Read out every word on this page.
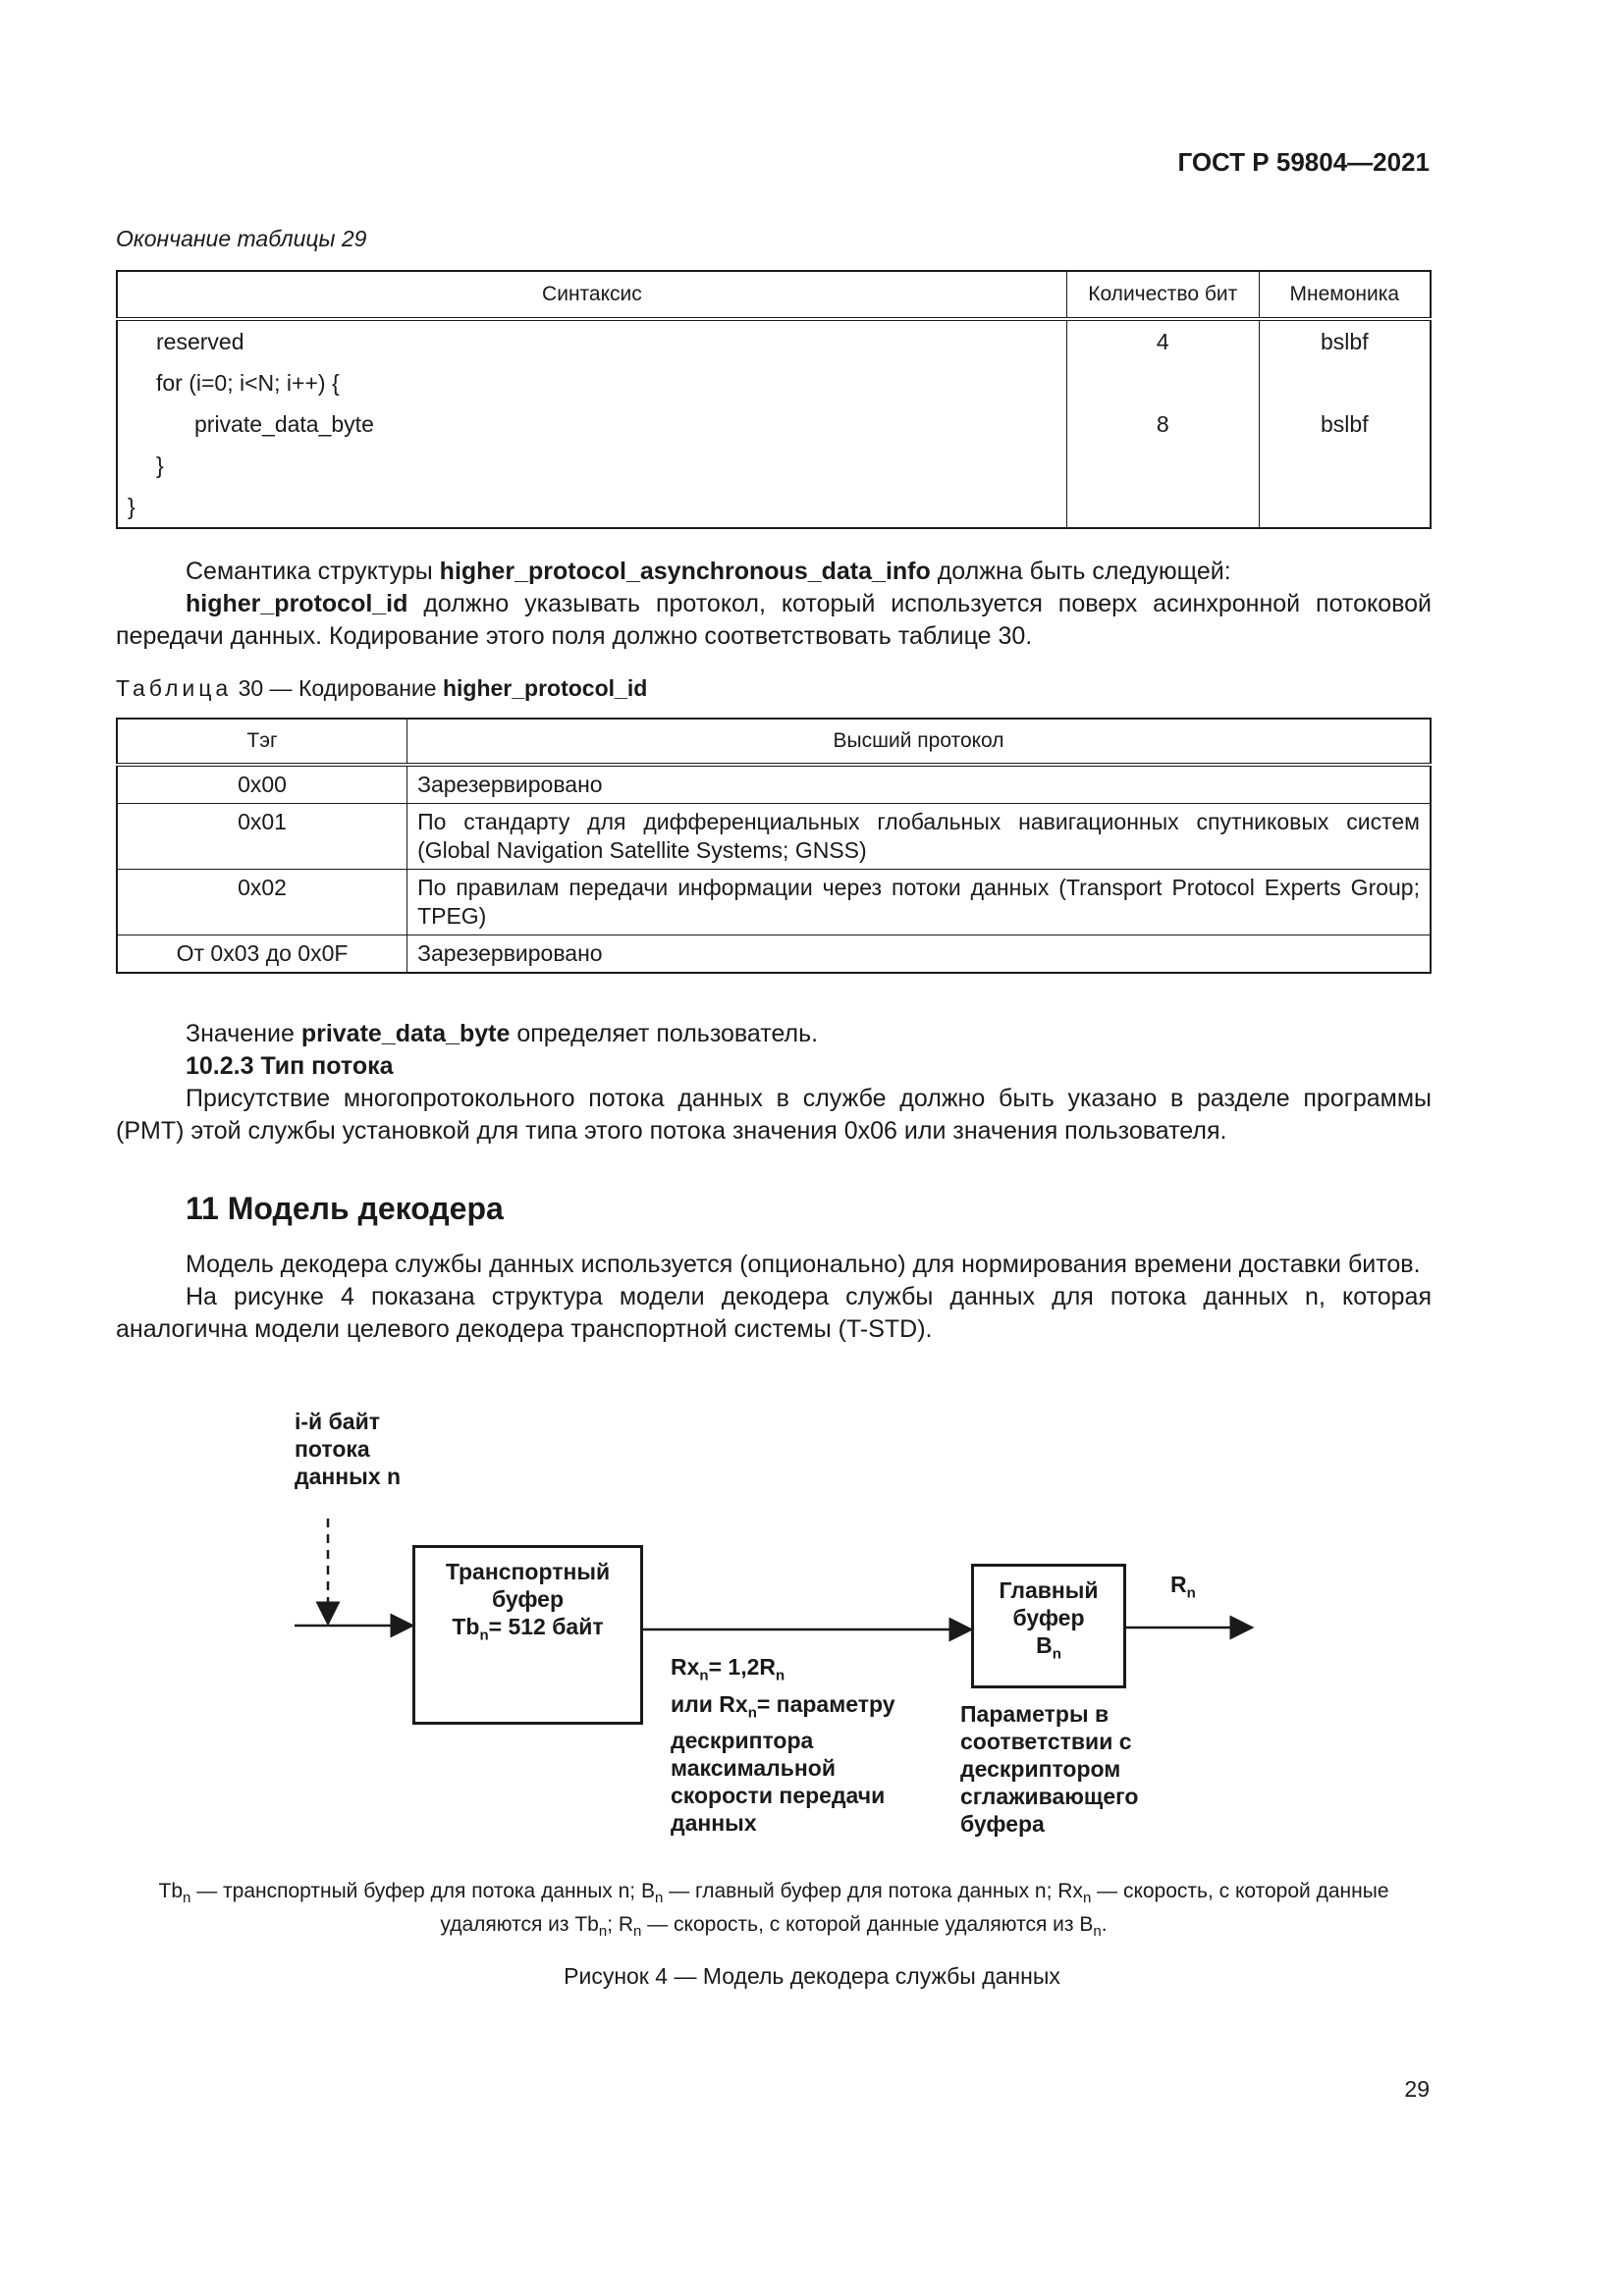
ГОСТ Р 59804—2021
Окончание таблицы 29
Синтаксис	Количество бит	Мнемоника
reserved	4	bslbf
for (i=0; i<N; i++) {		
private_data_byte	8	bslbf
}		
}		

Семантика структуры higher_protocol_asynchronous_data_info должна быть следующей:

higher_protocol_id должно указывать протокол, который используется поверх асинхронной потоковой передачи данных. Кодирование этого поля должно соответствовать таблице 30.

Таблица 30 — Кодирование higher_protocol_id
Тэг	Высший протокол
0x00	Зарезервировано
0x01	По стандарту для дифференциальных глобальных навигационных спутниковых систем (Global Navigation Satellite Systems; GNSS)
0x02	По правилам передачи информации через потоки данных (Transport Protocol Experts Group; TPEG)
От 0x03 до 0x0F	Зарезервировано

Значение private_data_byte определяет пользователь.

10.2.3 Тип потока

Присутствие многопротокольного потока данных в службе должно быть указано в разделе программы (PMT) этой службы установкой для типа этого потока значения 0x06 или значения пользователя.

11 Модель декодера

Модель декодера службы данных используется (опционально) для нормирования времени доставки битов.

На рисунке 4 показана структура модели декодера службы данных для потока данных n, которая аналогична модели целевого декодера транспортной системы (T-STD).

i-й байт
потока
данных n
Транспортный
буфер
$Tb_n= 512$ байт
$Rx_n= 1,2R_n$
или $Rx_n=$ параметру
дескриптора
максимальной
скорости передачи
данных
Главный
буфер
$B_n$
$R_n$
Параметры в
соответствии с
дескриптором
сглаживающего
буфера
$Tb_n$ — транспортный буфер для потока данных n; $B_n$ — главный буфер для потока данных n; $Rx_n$ — скорость, с которой данные удаляются из $Tb_n$; $R_n$ — скорость, с которой данные удаляются из $B_n$.
Рисунок 4 — Модель декодера службы данных
29
